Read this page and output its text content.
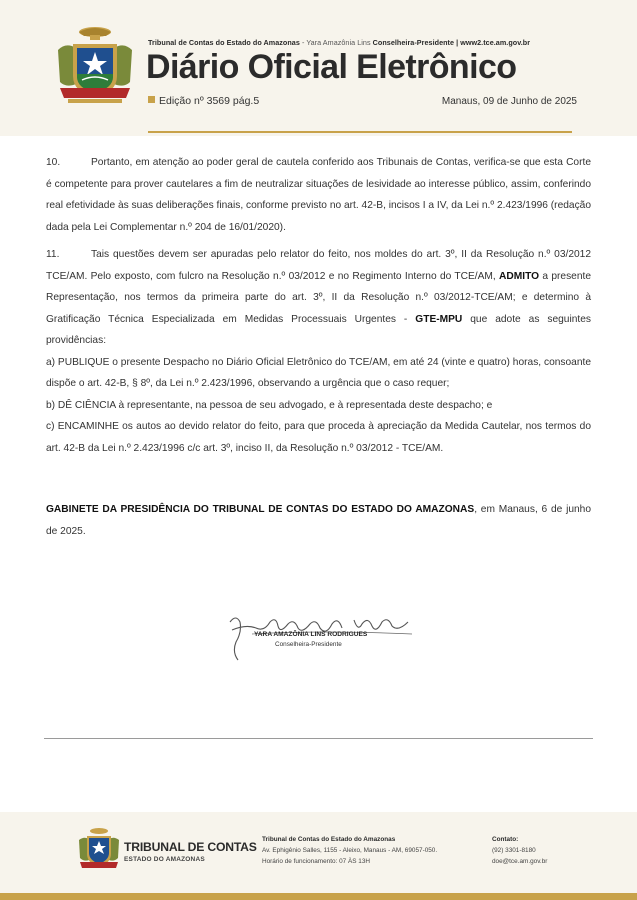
Tribunal de Contas do Estado do Amazonas - Yara Amazônia Lins Conselheira-Presidente | www2.tce.am.gov.br
Diário Oficial Eletrônico
Edição nº 3569 pág.5	Manaus, 09 de Junho de 2025

10.	Portanto, em atenção ao poder geral de cautela conferido aos Tribunais de Contas, verifica-se que esta Corte é competente para prover cautelares a fim de neutralizar situações de lesividade ao interesse público, assim, conferindo real efetividade às suas deliberações finais, conforme previsto no art. 42-B, incisos I a IV, da Lei n.º 2.423/1996 (redação dada pela Lei Complementar n.º 204 de 16/01/2020).

11.	Tais questões devem ser apuradas pelo relator do feito, nos moldes do art. 3º, II da Resolução n.º 03/2012 TCE/AM. Pelo exposto, com fulcro na Resolução n.º 03/2012 e no Regimento Interno do TCE/AM, ADMITO a presente Representação, nos termos da primeira parte do art. 3º, II da Resolução n.º 03/2012-TCE/AM; e determino à Gratificação Técnica Especializada em Medidas Processuais Urgentes - GTE-MPU que adote as seguintes providências:

a) PUBLIQUE o presente Despacho no Diário Oficial Eletrônico do TCE/AM, em até 24 (vinte e quatro) horas, consoante dispõe o art. 42-B, § 8º, da Lei n.º 2.423/1996, observando a urgência que o caso requer;

b) DÊ CIÊNCIA à representante, na pessoa de seu advogado, e à representada deste despacho; e

c) ENCAMINHE os autos ao devido relator do feito, para que proceda à apreciação da Medida Cautelar, nos termos do art. 42-B da Lei n.º 2.423/1996 c/c art. 3º, inciso II, da Resolução n.º 03/2012 - TCE/AM.

GABINETE DA PRESIDÊNCIA DO TRIBUNAL DE CONTAS DO ESTADO DO AMAZONAS, em Manaus, 6 de junho de 2025.

YARA AMAZÔNIA LINS RODRIGUES
Conselheira-Presidente
TRIBUNAL DE CONTAS
ESTADO DO AMAZONAS
Tribunal de Contas do Estado do Amazonas
Av. Ephigênio Salles, 1155 - Aleixo, Manaus - AM, 69057-050.
Horário de funcionamento: 07 ÀS 13H
Contato:
(92) 3301-8180
doe@tce.am.gov.br
